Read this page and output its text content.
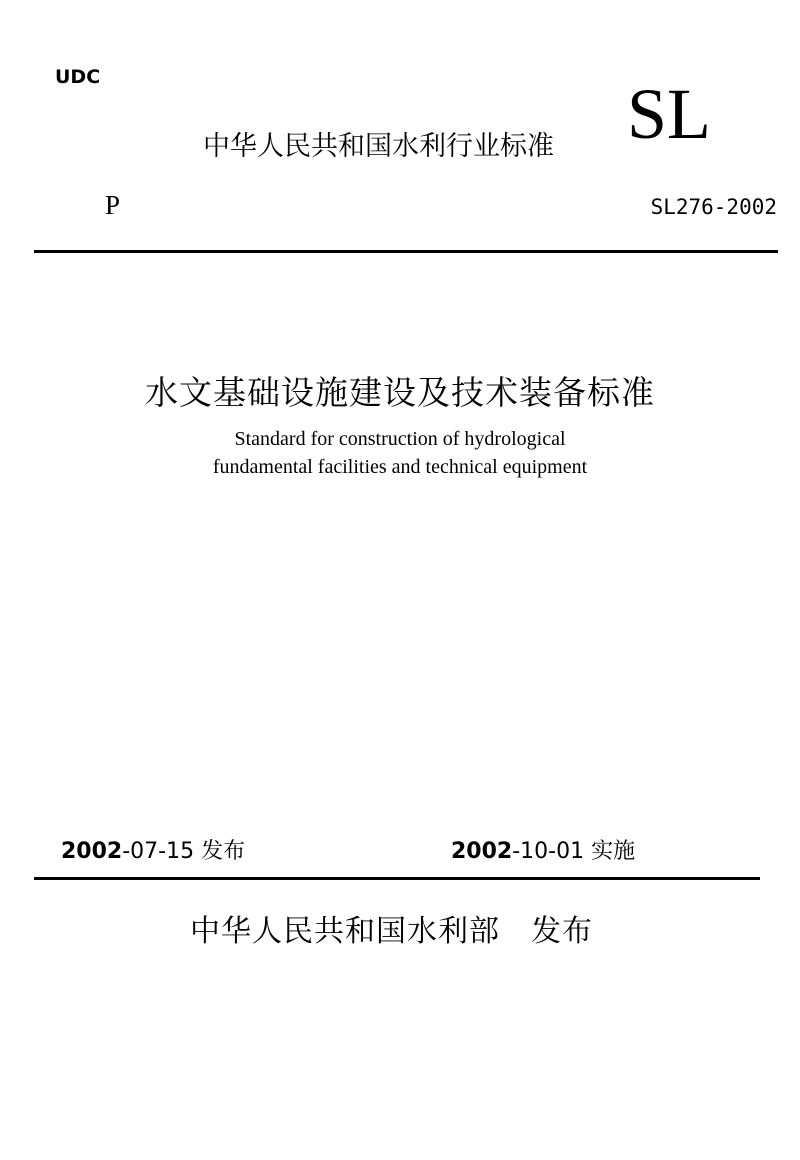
UDC
中华人民共和国水利行业标准 SL
P	SL276-2002
水文基础设施建设及技术装备标准
Standard for construction of hydrological
fundamental facilities and technical equipment
2002-07-15 发布	2002-10-01 实施
中华人民共和国水利部　发布
